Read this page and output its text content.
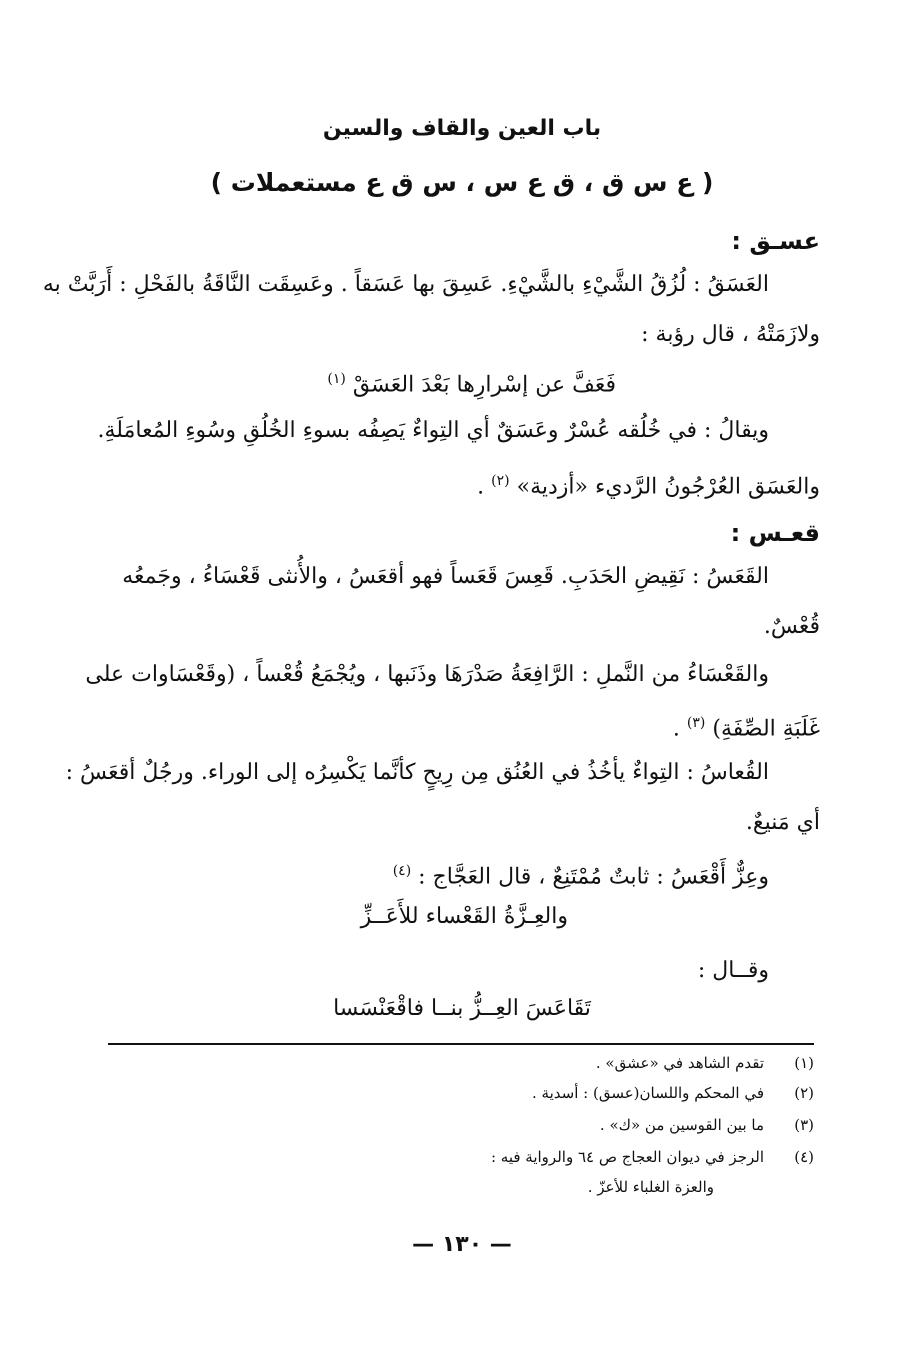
باب العين والقاف والسين
( ع س ق ، ق ع س ، س ق ع مستعملات )
عسـق :
العَسَقُ : لُزُقُ الشَّيْءِ بالشَّيْءِ. عَسِقَ بها عَسَقاً . وعَسِقَت النَّاقَةُ بالفَحْلِ : أَرَبَّتْ به
ولازَمَتْهُ ، قال رؤبة :
فَعَفَّ عن إسْرارِها بَعْدَ العَسَقْ $^{(١)}$
ويقالُ : في خُلُقه عُسْرٌ وعَسَقٌ أي التِواءٌ يَصِفُه بسوءِ الخُلُقِ وسُوءِ المُعامَلَةِ.
والعَسَق العُرْجُونُ الرَّديء «أزدية» $^{(٢)}$ .
قعـس :
القَعَسُ : نَقِيضِ الحَدَبِ. قَعِسَ قَعَساً فهو أقعَسُ ، والأُنثى قَعْسَاءُ ، وجَمعُه
قُعْسٌ.
والقَعْسَاءُ من النَّملِ : الرَّافِعَةُ صَدْرَهَا وذَنَبها ، ويُجْمَعُ قُعْساً ، (وقَعْسَاوات على
غَلَبَةِ الصِّفَةِ) $^{(٣)}$ .
القُعاسُ : التِواءٌ يأخُذُ في العُنُق مِن رِيحٍ كأنَّما يَكْسِرُه إلى الوراء. ورجُلٌ أقعَسُ :
أي مَنيعٌ.
وعِزٌّ أَقْعَسُ : ثابتٌ مُمْتَنِعٌ ، قال العَجَّاج : $^{(٤)}$
والعِـزَّةُ القَعْساء للأَعَــزِّ
وقــال :
تَقَاعَسَ العِــزُّ بنــا فاقْعَنْسَسا
(١)
تقدم الشاهد في «عشق» .
(٢)
في المحكم واللسان(عسق) : أسدية .
(٣)
ما بين القوسين من «ك» .
(٤)
الرجز في ديوان العجاج ص ٦٤ والرواية فيه :
والعزة الغلباء للأعزّ .
— ١٣٠ —
